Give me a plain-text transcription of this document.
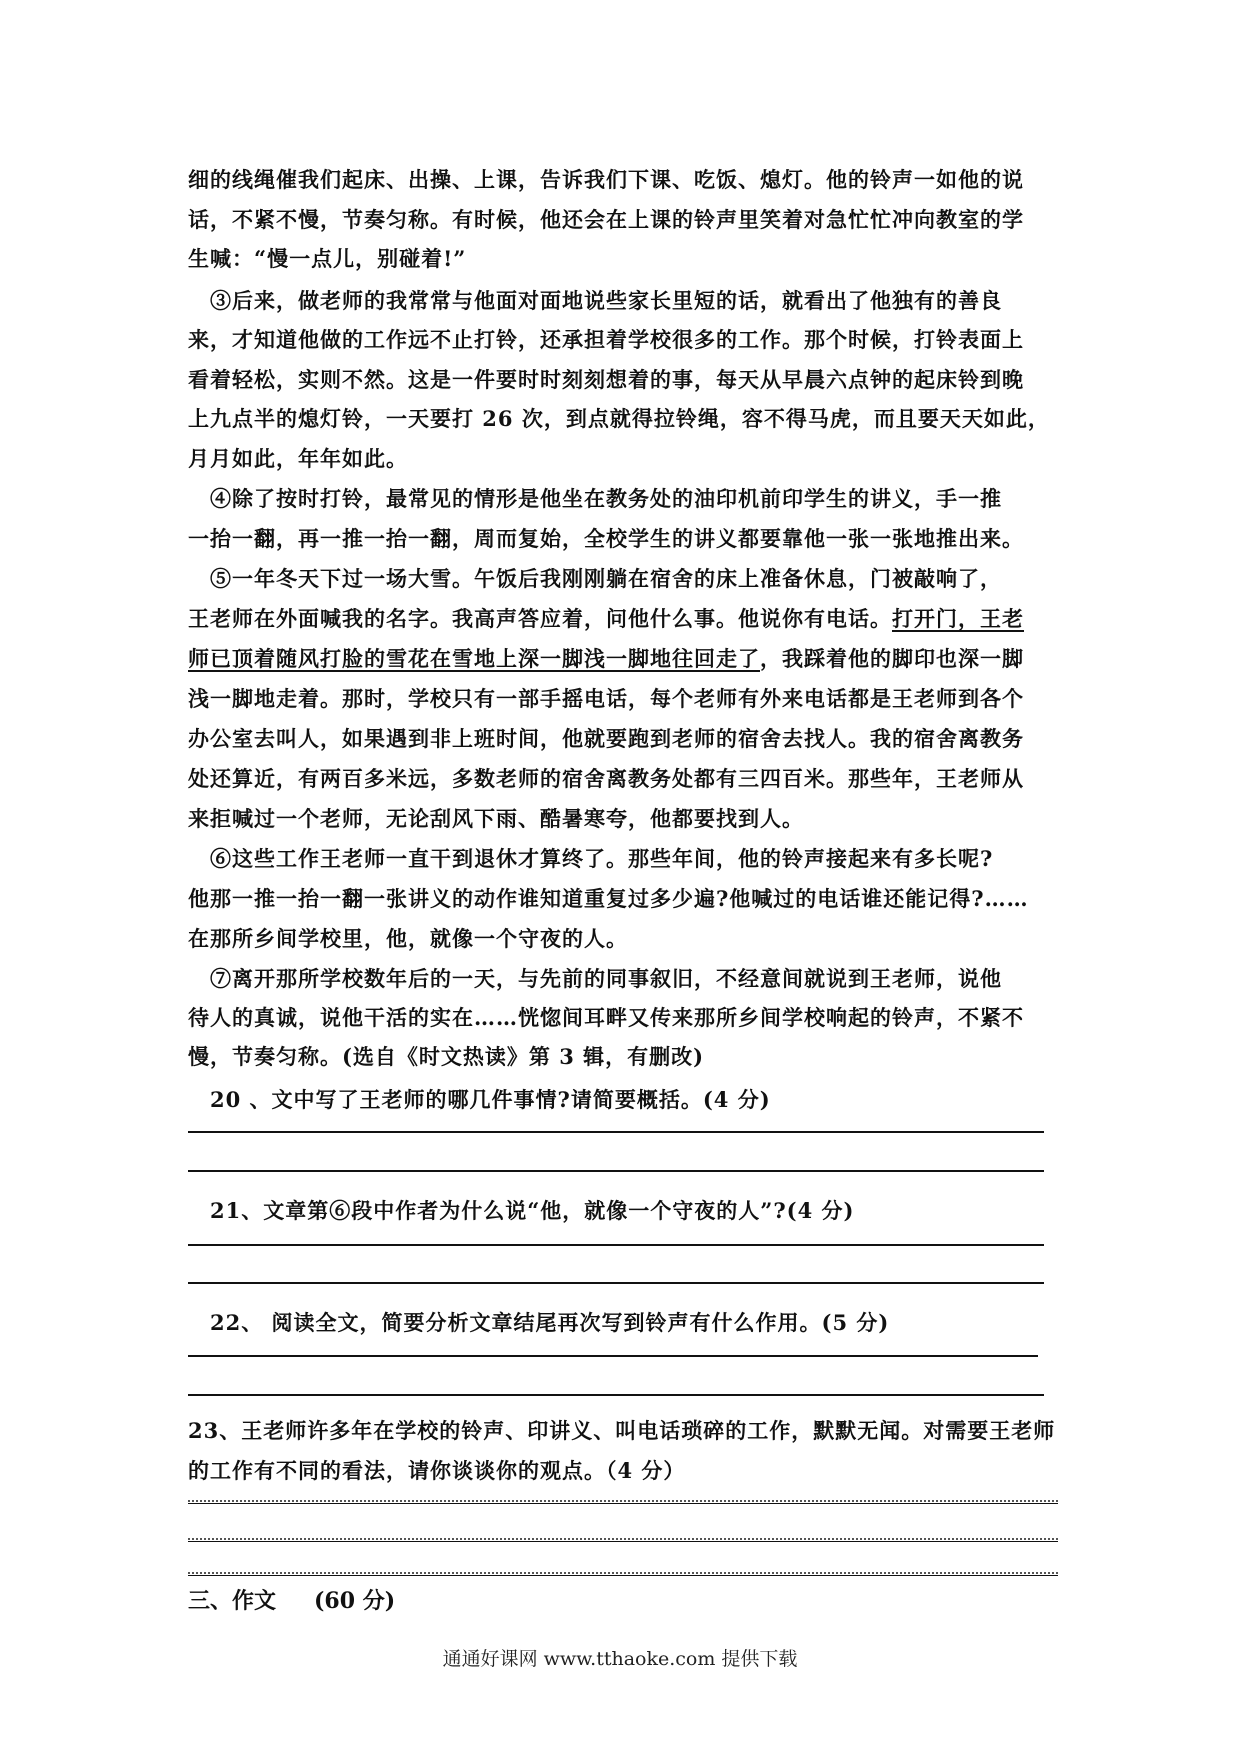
细的线绳催我们起床、出操、上课，告诉我们下课、吃饭、熄灯。他的铃声一如他的说
话，不紧不慢，节奏匀称。有时候，他还会在上课的铃声里笑着对急忙忙冲向教室的学
生喊：“慢一点儿，别碰着!”
③后来，做老师的我常常与他面对面地说些家长里短的话，就看出了他独有的善良
来，才知道他做的工作远不止打铃，还承担着学校很多的工作。那个时候，打铃表面上
看着轻松，实则不然。这是一件要时时刻刻想着的事，每天从早晨六点钟的起床铃到晚
上九点半的熄灯铃，一天要打 26 次，到点就得拉铃绳，容不得马虎，而且要天天如此，
月月如此，年年如此。
④除了按时打铃，最常见的情形是他坐在教务处的油印机前印学生的讲义，手一推
一抬一翻，再一推一抬一翻，周而复始，全校学生的讲义都要靠他一张一张地推出来。
⑤一年冬天下过一场大雪。午饭后我刚刚躺在宿舍的床上准备休息，门被敲响了，
王老师在外面喊我的名字。我高声答应着，问他什么事。他说你有电话。打开门，王老
师已顶着随风打脸的雪花在雪地上深一脚浅一脚地往回走了，我踩着他的脚印也深一脚
浅一脚地走着。那时，学校只有一部手摇电话，每个老师有外来电话都是王老师到各个
办公室去叫人，如果遇到非上班时间，他就要跑到老师的宿舍去找人。我的宿舍离教务
处还算近，有两百多米远，多数老师的宿舍离教务处都有三四百米。那些年，王老师从
来拒喊过一个老师，无论刮风下雨、酷暑寒夸，他都要找到人。
⑥这些工作王老师一直干到退休才算终了。那些年间，他的铃声接起来有多长呢?
他那一推一抬一翻一张讲义的动作谁知道重复过多少遍?他喊过的电话谁还能记得?……
在那所乡间学校里，他，就像一个守夜的人。
⑦离开那所学校数年后的一天，与先前的同事叙旧，不经意间就说到王老师，说他
待人的真诚，说他干活的实在……恍惚间耳畔又传来那所乡间学校响起的铃声，不紧不
慢，节奏匀称。(选自《时文热读》第 3 辑，有删改)
20 、文中写了王老师的哪几件事情?请简要概括。(4 分)
21、文章第⑥段中作者为什么说“他，就像一个守夜的人”?(4 分)
22、 阅读全文，简要分析文章结尾再次写到铃声有什么作用。(5 分)
23、王老师许多年在学校的铃声、印讲义、叫电话琐碎的工作，默默无闻。对需要王老师
的工作有不同的看法，请你谈谈你的观点。（4 分）
三、作文 (60 分)
通通好课网 www.tthaoke.com 提供下载
